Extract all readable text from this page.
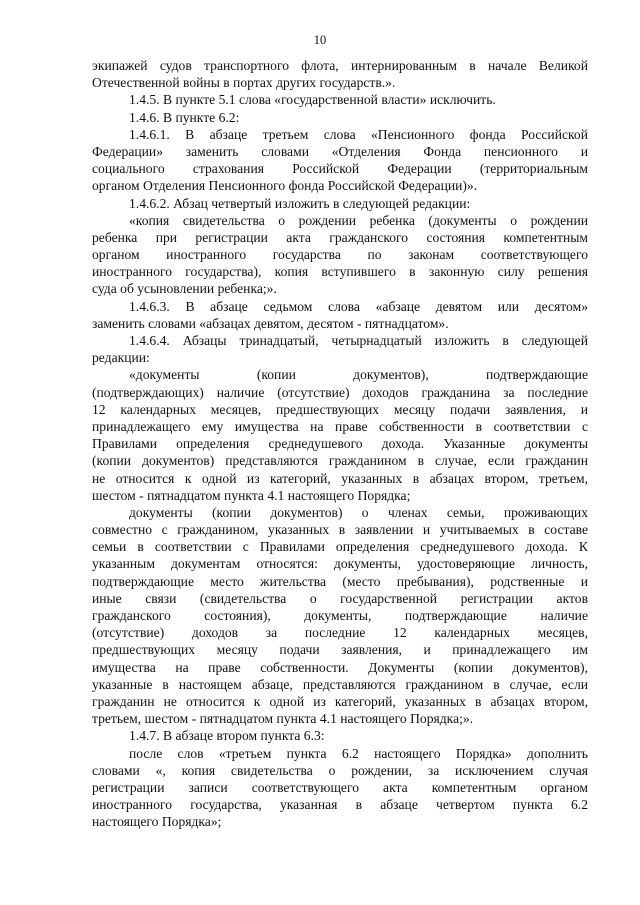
10
экипажей судов транспортного флота, интернированным в начале Великой
Отечественной войны в портах других государств.».
1.4.5. В пункте 5.1 слова «государственной власти» исключить.
1.4.6. В пункте 6.2:
1.4.6.1. В абзаце третьем слова «Пенсионного фонда Российской
Федерации» заменить словами «Отделения Фонда пенсионного и
социального страхования Российской Федерации (территориальным
органом Отделения Пенсионного фонда Российской Федерации)».
1.4.6.2. Абзац четвертый изложить в следующей редакции:
«копия свидетельства о рождении ребенка (документы о рождении
ребенка при регистрации акта гражданского состояния компетентным
органом иностранного государства по законам соответствующего
иностранного государства), копия вступившего в законную силу решения
суда об усыновлении ребенка;».
1.4.6.3. В абзаце седьмом слова «абзаце девятом или десятом»
заменить словами «абзацах девятом, десятом - пятнадцатом».
1.4.6.4. Абзацы тринадцатый, четырнадцатый изложить в следующей
редакции:
«документы (копии документов), подтверждающие
(подтверждающих) наличие (отсутствие) доходов гражданина за последние
12 календарных месяцев, предшествующих месяцу подачи заявления, и
принадлежащего ему имущества на праве собственности в соответствии с
Правилами определения среднедушевого дохода. Указанные документы
(копии документов) представляются гражданином в случае, если гражданин
не относится к одной из категорий, указанных в абзацах втором, третьем,
шестом - пятнадцатом пункта 4.1 настоящего Порядка;
документы (копии документов) о членах семьи, проживающих
совместно с гражданином, указанных в заявлении и учитываемых в составе
семьи в соответствии с Правилами определения среднедушевого дохода. К
указанным документам относятся: документы, удостоверяющие личность,
подтверждающие место жительства (место пребывания), родственные и
иные связи (свидетельства о государственной регистрации актов
гражданского состояния), документы, подтверждающие наличие
(отсутствие) доходов за последние 12 календарных месяцев,
предшествующих месяцу подачи заявления, и принадлежащего им
имущества на праве собственности. Документы (копии документов),
указанные в настоящем абзаце, представляются гражданином в случае, если
гражданин не относится к одной из категорий, указанных в абзацах втором,
третьем, шестом - пятнадцатом пункта 4.1 настоящего Порядка;».
1.4.7. В абзаце втором пункта 6.3:
после слов «третьем пункта 6.2 настоящего Порядка» дополнить
словами «, копия свидетельства о рождении, за исключением случая
регистрации записи соответствующего акта компетентным органом
иностранного государства, указанная в абзаце четвертом пункта 6.2
настоящего Порядка»;
